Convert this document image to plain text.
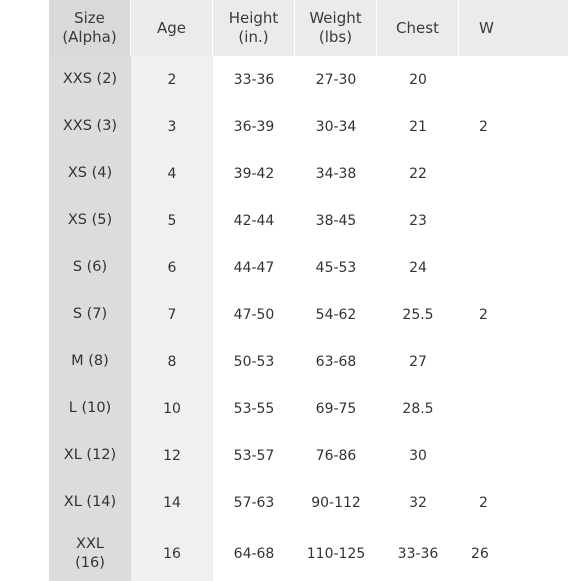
Size (Alpha)	Age	Height (in.)	Weight (lbs)	Chest	W
XXS (2)	2	33-36	27-30	20	
XXS (3)	3	36-39	30-34	21	2
XS (4)	4	39-42	34-38	22	
XS (5)	5	42-44	38-45	23	
S (6)	6	44-47	45-53	24	
S (7)	7	47-50	54-62	25.5	2
M (8)	8	50-53	63-68	27	
L (10)	10	53-55	69-75	28.5	
XL (12)	12	53-57	76-86	30	
XL (14)	14	57-63	90-112	32	2
XXL (16)	16	64-68	110-125	33-36	26
